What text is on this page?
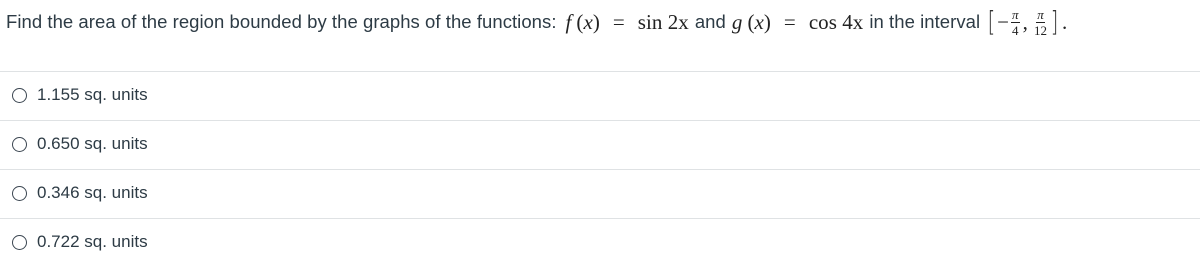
Find the area of the region bounded by the graphs of the functions: f ( x ) = sin 2x and g ( x ) = cos 4x in the interval [ − $\frac{\pi}{4}$ , $\frac{\pi}{12}$ ] .
1.155 sq. units
0.650 sq. units
0.346 sq. units
0.722 sq. units
